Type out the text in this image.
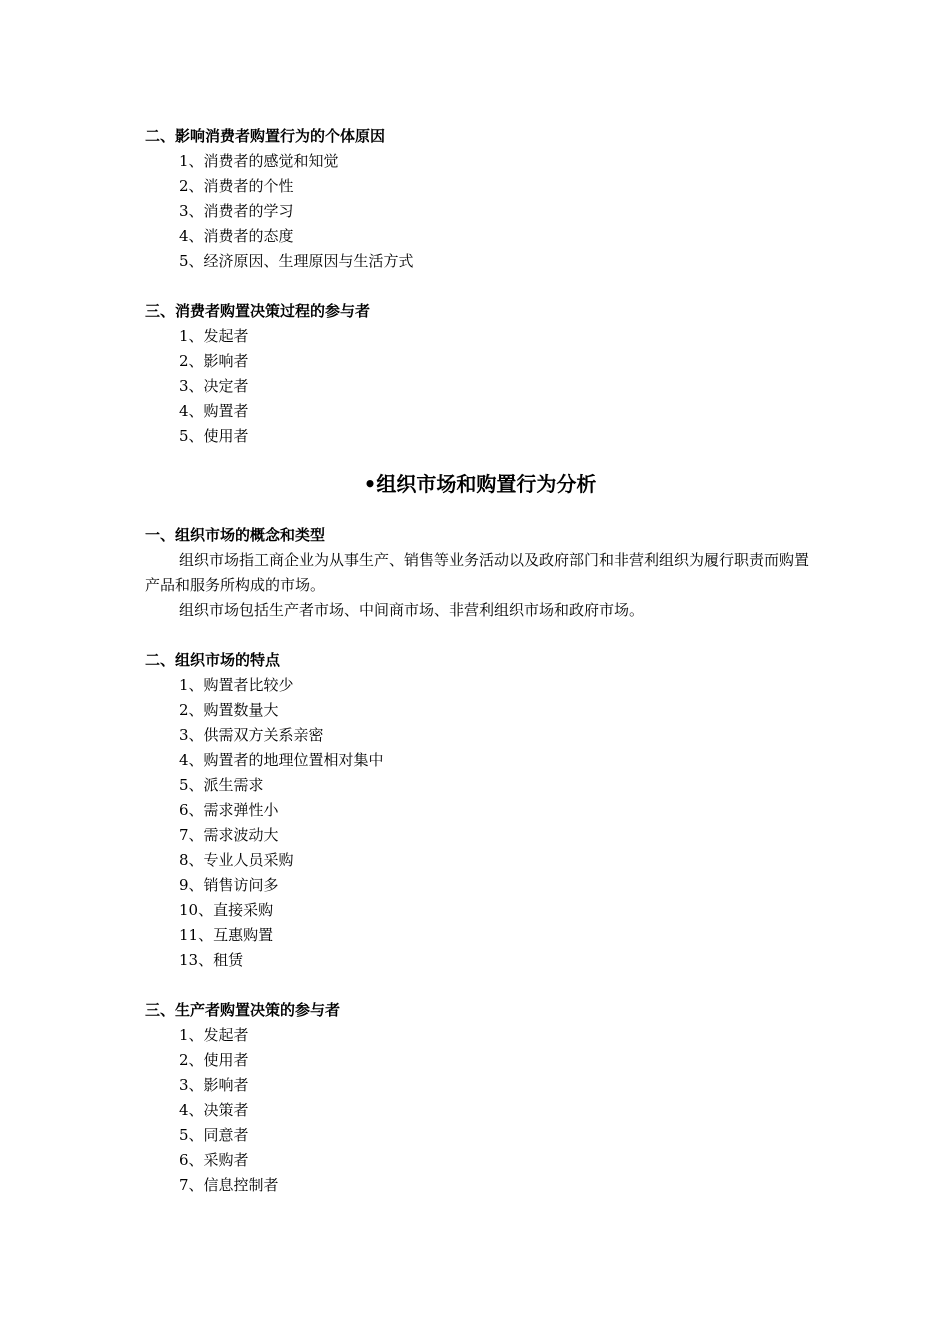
二、影响消费者购置行为的个体原因
1、消费者的感觉和知觉
2、消费者的个性
3、消费者的学习
4、消费者的态度
5、经济原因、生理原因与生活方式
三、消费者购置决策过程的参与者
1、发起者
2、影响者
3、决定者
4、购置者
5、使用者
•组织市场和购置行为分析
一、组织市场的概念和类型
组织市场指工商企业为从事生产、销售等业务活动以及政府部门和非营利组织为履行职责而购置产品和服务所构成的市场。
组织市场包括生产者市场、中间商市场、非营利组织市场和政府市场。
二、组织市场的特点
1、购置者比较少
2、购置数量大
3、供需双方关系亲密
4、购置者的地理位置相对集中
5、派生需求
6、需求弹性小
7、需求波动大
8、专业人员采购
9、销售访问多
10、直接采购
11、互惠购置
13、租赁
三、生产者购置决策的参与者
1、发起者
2、使用者
3、影响者
4、决策者
5、同意者
6、采购者
7、信息控制者
